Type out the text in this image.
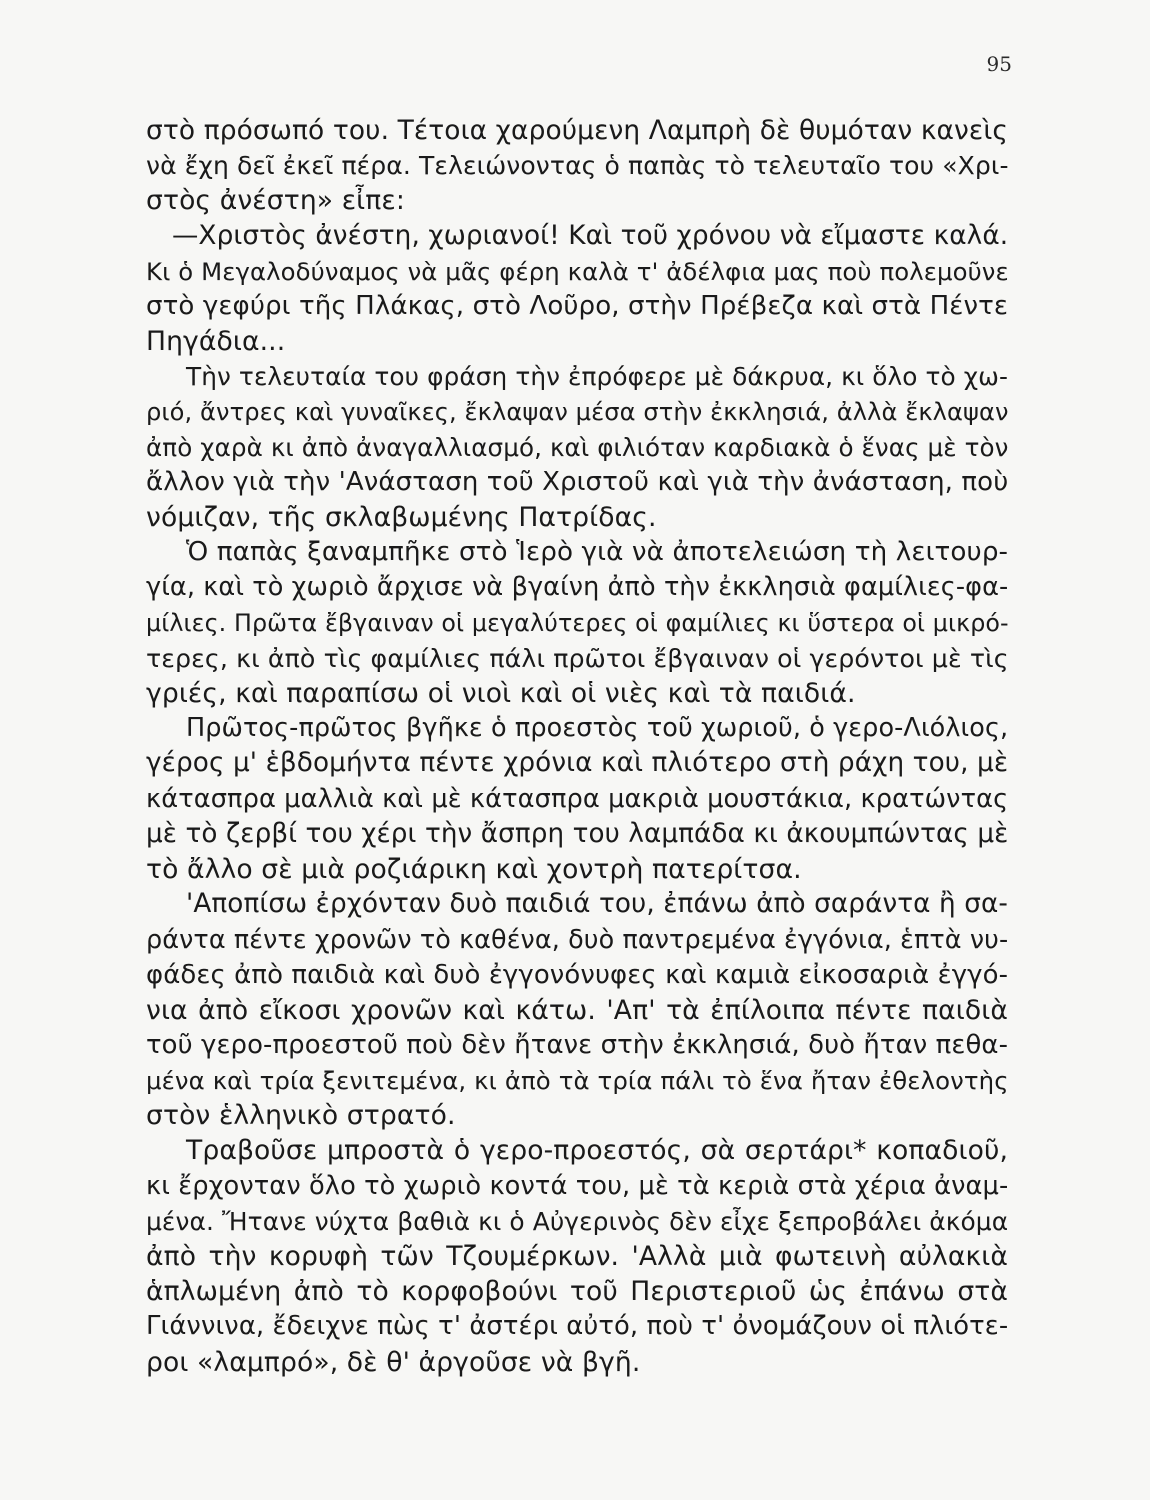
95
στὸ πρόσωπό του. Τέτοια χαρούμενη Λαμπρὴ δὲ θυμόταν κανεὶς
νὰ ἔχη δεῖ ἐκεῖ πέρα. Τελειώνοντας ὁ παπὰς τὸ τελευταῖο του «Χρι-
στὸς ἀνέστη» εἶπε:
—Χριστὸς ἀνέστη, χωριανοί! Καὶ τοῦ χρόνου νὰ εἴμαστε καλά.
Κι ὁ Μεγαλοδύναμος νὰ μᾶς φέρη καλὰ τ' ἀδέλφια μας ποὺ πολεμοῦνε
στὸ γεφύρι τῆς Πλάκας, στὸ Λοῦρο, στὴν Πρέβεζα καὶ στὰ Πέντε
Πηγάδια...
Τὴν τελευταία του φράση τὴν ἐπρόφερε μὲ δάκρυα, κι ὅλο τὸ χω-
ριό, ἄντρες καὶ γυναῖκες, ἔκλαψαν μέσα στὴν ἐκκλησιά, ἀλλὰ ἔκλαψαν
ἀπὸ χαρὰ κι ἀπὸ ἀναγαλλιασμό, καὶ φιλιόταν καρδιακὰ ὁ ἕνας μὲ τὸν
ἄλλον γιὰ τὴν 'Ανάσταση τοῦ Χριστοῦ καὶ γιὰ τὴν ἀνάσταση, ποὺ
νόμιζαν, τῆς σκλαβωμένης Πατρίδας.
Ὁ παπὰς ξαναμπῆκε στὸ Ἱερὸ γιὰ νὰ ἀποτελειώση τὴ λειτουρ-
γία, καὶ τὸ χωριὸ ἄρχισε νὰ βγαίνη ἀπὸ τὴν ἐκκλησιὰ φαμίλιες-φα-
μίλιες. Πρῶτα ἔβγαιναν οἱ μεγαλύτερες οἱ φαμίλιες κι ὕστερα οἱ μικρό-
τερες, κι ἀπὸ τὶς φαμίλιες πάλι πρῶτοι ἔβγαιναν οἱ γερόντοι μὲ τὶς
γριές, καὶ παραπίσω οἱ νιοὶ καὶ οἱ νιὲς καὶ τὰ παιδιά.
Πρῶτος-πρῶτος βγῆκε ὁ προεστὸς τοῦ χωριοῦ, ὁ γερο-Λιόλιος,
γέρος μ' ἑβδομήντα πέντε χρόνια καὶ πλιότερο στὴ ράχη του, μὲ
κάτασπρα μαλλιὰ καὶ μὲ κάτασπρα μακριὰ μουστάκια, κρατώντας
μὲ τὸ ζερβί του χέρι τὴν ἄσπρη του λαμπάδα κι ἀκουμπώντας μὲ
τὸ ἄλλο σὲ μιὰ ροζιάρικη καὶ χοντρὴ πατερίτσα.
'Αποπίσω ἐρχόνταν δυὸ παιδιά του, ἐπάνω ἀπὸ σαράντα ἢ σα-
ράντα πέντε χρονῶν τὸ καθένα, δυὸ παντρεμένα ἐγγόνια, ἑπτὰ νυ-
φάδες ἀπὸ παιδιὰ καὶ δυὸ ἐγγονόνυφες καὶ καμιὰ εἰκοσαριὰ ἐγγό-
νια ἀπὸ εἴκοσι χρονῶν καὶ κάτω. 'Απ' τὰ ἐπίλοιπα πέντε παιδιὰ
τοῦ γερο-προεστοῦ ποὺ δὲν ἤτανε στὴν ἐκκλησιά, δυὸ ἤταν πεθα-
μένα καὶ τρία ξενιτεμένα, κι ἀπὸ τὰ τρία πάλι τὸ ἕνα ἤταν ἐθελοντὴς
στὸν ἑλληνικὸ στρατό.
Τραβοῦσε μπροστὰ ὁ γερο-προεστός, σὰ σερτάρι* κοπαδιοῦ,
κι ἔρχονταν ὅλο τὸ χωριὸ κοντά του, μὲ τὰ κεριὰ στὰ χέρια ἀναμ-
μένα. Ἤτανε νύχτα βαθιὰ κι ὁ Αὐγερινὸς δὲν εἶχε ξεπροβάλει ἀκόμα
ἀπὸ τὴν κορυφὴ τῶν Τζουμέρκων. 'Αλλὰ μιὰ φωτεινὴ αὐλακιὰ
ἁπλωμένη ἀπὸ τὸ κορφοβούνι τοῦ Περιστεριοῦ ὡς ἐπάνω στὰ
Γιάννινα, ἔδειχνε πὼς τ' ἀστέρι αὐτό, ποὺ τ' ὀνομάζουν οἱ πλιότε-
ροι «λαμπρό», δὲ θ' ἀργοῦσε νὰ βγῆ.
